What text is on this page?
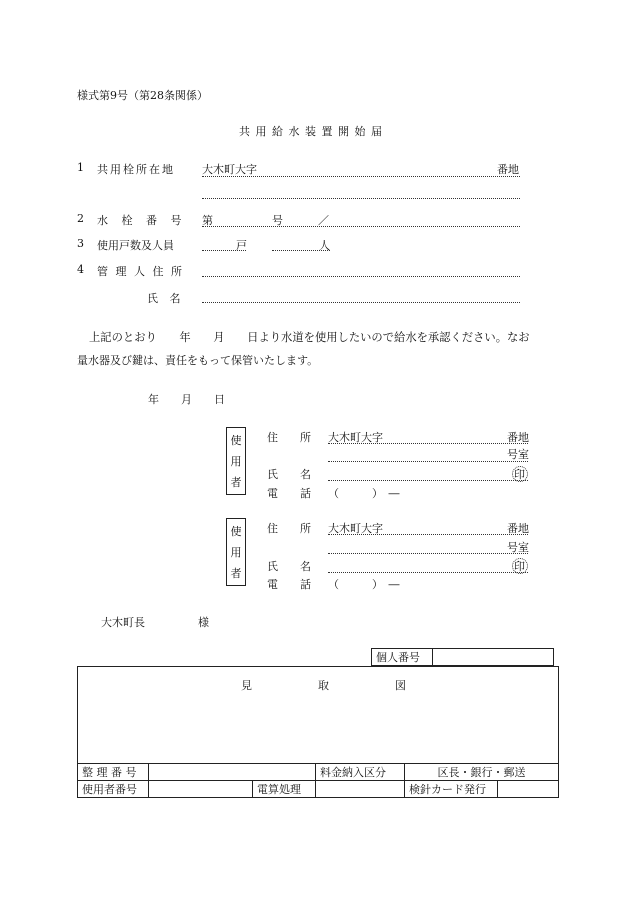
様式第9号（第28条関係）
共 用 給 水 装 置 開 始 届
1 共用栓所在地 大木町大字	番地
2 水 栓 番 号 第	号	／
3 使用戸数及人員	戸	人
4 管 理 人 住 所
氏 名
上記のとおり　　年　　月　　日より水道を使用したいので給水を承認ください。なお
量水器及び鍵は、責任をもって保管いたします。
年　　月　　日
使
用
者
住　　所 大木町大字	番地
号室
氏　　名	印
電　　話 （　　　）　―
使
用
者
住　　所 大木町大字	番地
号室
氏　　名	印
電　　話 （　　　）　―
大木町長	様
個人番号	
見　　　　　　取　　　　　　図
整 理 番 号			料金納入区分	区長・銀行・郵送	
使用者番号		電算処理		検針カード発行	
